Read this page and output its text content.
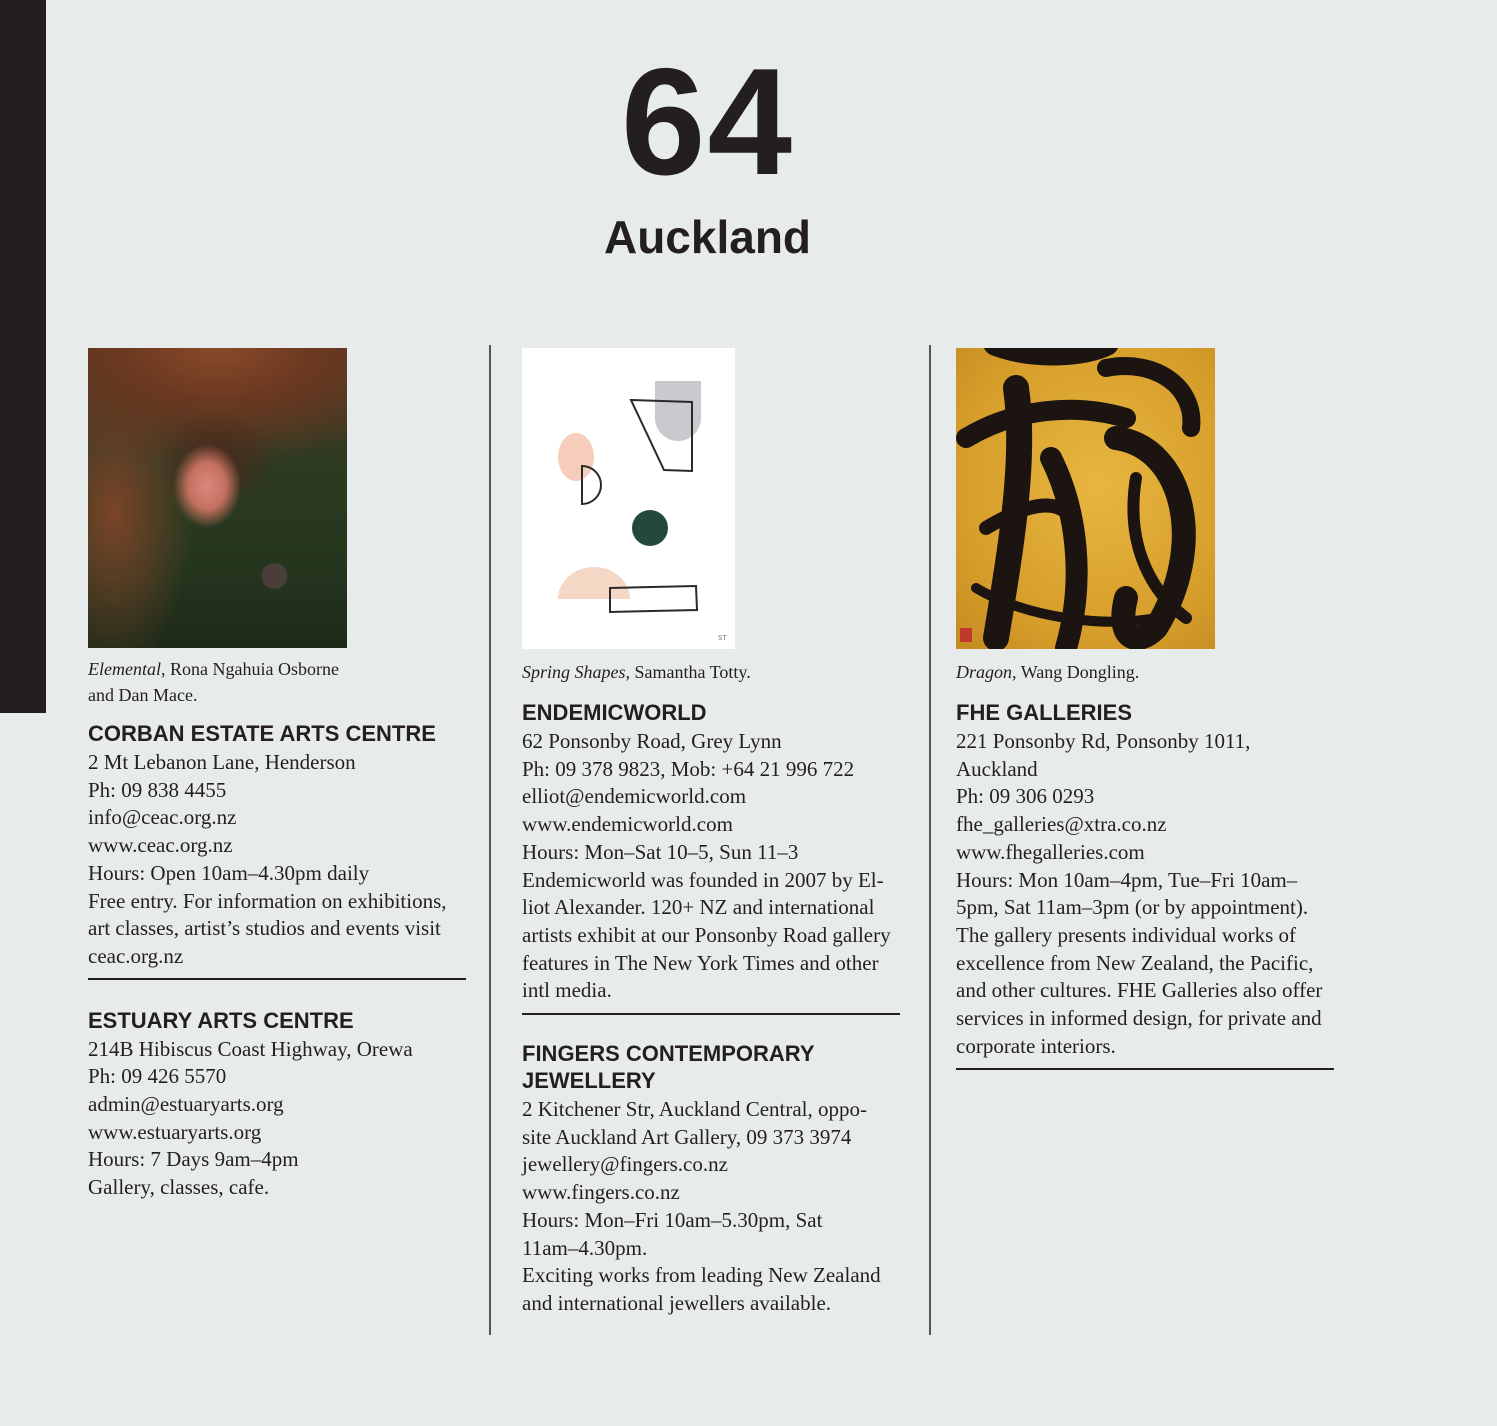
64
Auckland
Elemental, Rona Ngahuia Osborne
and Dan Mace.
CORBAN ESTATE ARTS CENTRE
2 Mt Lebanon Lane, Henderson
Ph: 09 838 4455
info@ceac.org.nz
www.ceac.org.nz
Hours: Open 10am–4.30pm daily
Free entry. For information on exhibitions,
art classes, artist’s studios and events visit
ceac.org.nz
ESTUARY ARTS CENTRE
214B Hibiscus Coast Highway, Orewa
Ph: 09 426 5570
admin@estuaryarts.org
www.estuaryarts.org
Hours: 7 Days 9am–4pm
Gallery, classes, cafe.
ST
Spring Shapes, Samantha Totty.
ENDEMICWORLD
62 Ponsonby Road, Grey Lynn
Ph: 09 378 9823, Mob: +64 21 996 722
elliot@endemicworld.com
www.endemicworld.com
Hours: Mon–Sat 10–5, Sun 11–3
Endemicworld was founded in 2007 by El-
liot Alexander. 120+ NZ and international
artists exhibit at our Ponsonby Road gallery
features in The New York Times and other
intl media.
FINGERS CONTEMPORARY
JEWELLERY
2 Kitchener Str, Auckland Central, oppo-
site Auckland Art Gallery, 09 373 3974
jewellery@fingers.co.nz
www.fingers.co.nz
Hours: Mon–Fri 10am–5.30pm, Sat
11am–4.30pm.
Exciting works from leading New Zealand
and international jewellers available.
Dragon, Wang Dongling.
FHE GALLERIES
221 Ponsonby Rd, Ponsonby 1011, Auckland
Ph: 09 306 0293
fhe_galleries@xtra.co.nz
www.fhegalleries.com
Hours: Mon 10am–4pm, Tue–Fri 10am–
5pm, Sat 11am–3pm (or by appointment).
The gallery presents individual works of
excellence from New Zealand, the Pacific,
and other cultures. FHE Galleries also offer
services in informed design, for private and
corporate interiors.
